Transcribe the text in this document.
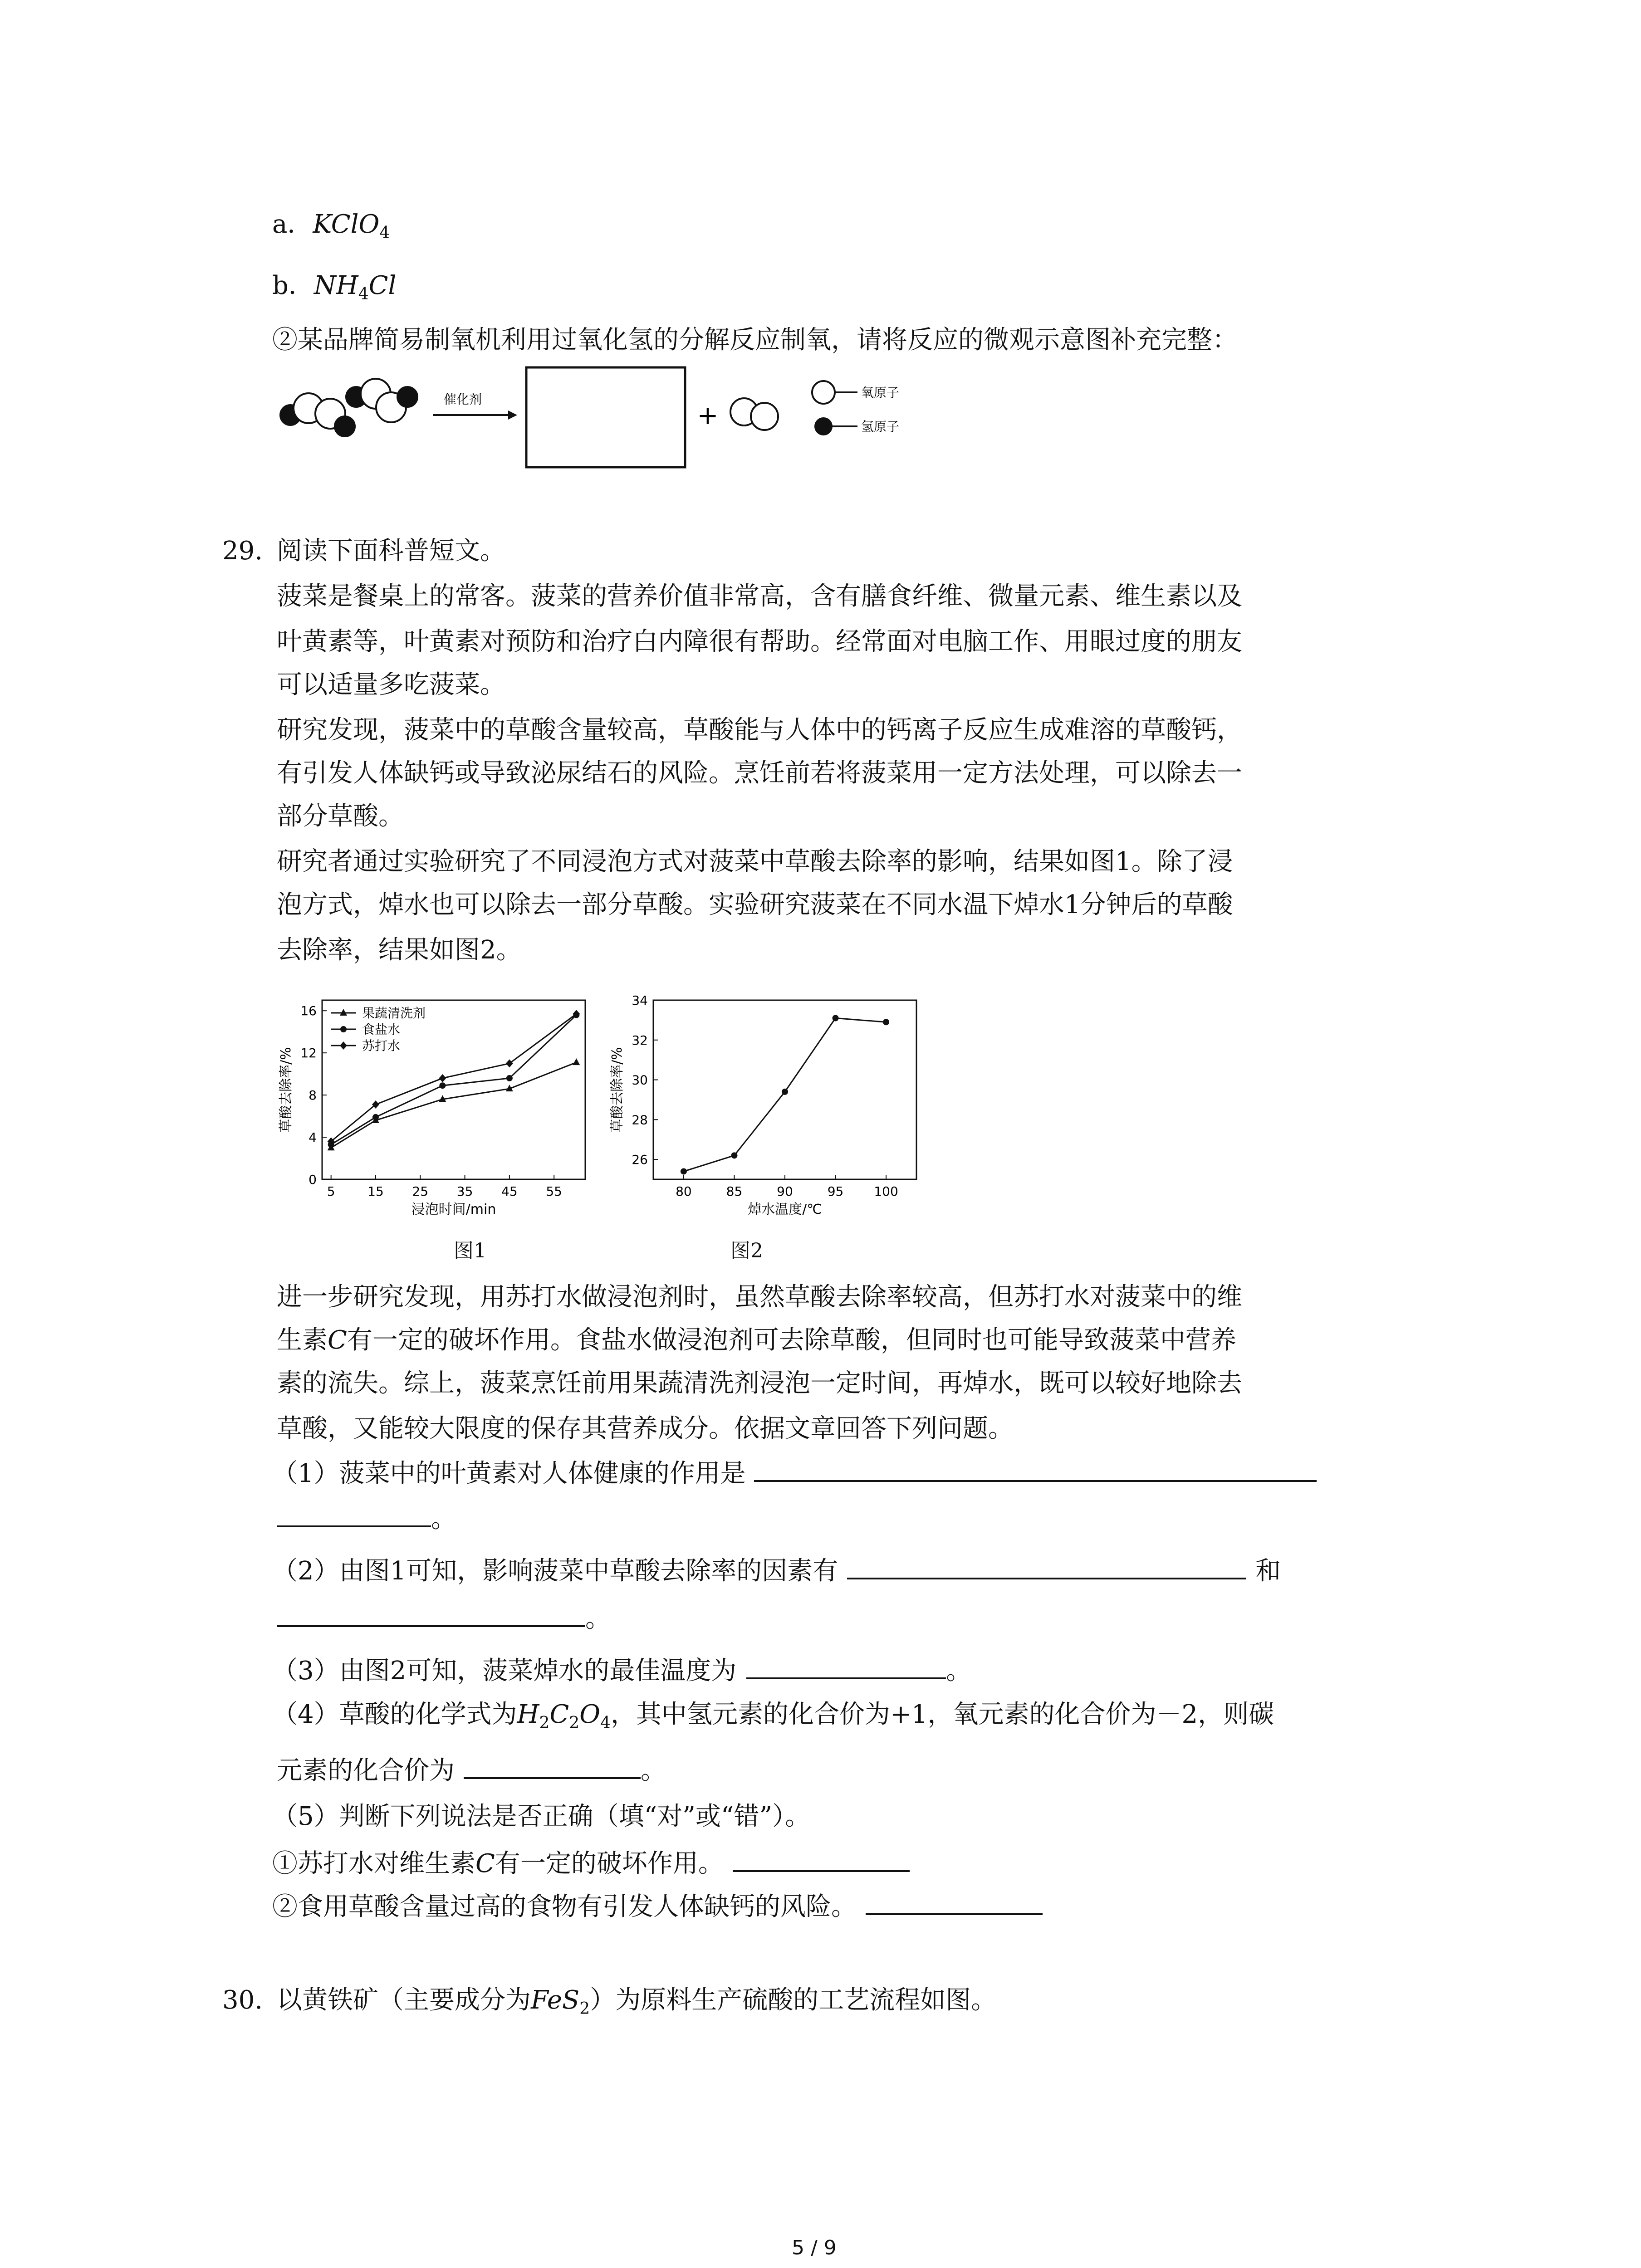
a．KClO$_4$
b．$NH_4Cl$
②某品牌简易制氧机利用过氧化氢的分解反应制氧，请将反应的微观示意图补充完整：
催化剂
+
氧原子
氢原子
29. 阅读下面科普短文。
菠菜是餐桌上的常客。菠菜的营养价值非常高，含有膳食纤维、微量元素、维生素以及
叶黄素等，叶黄素对预防和治疗白内障很有帮助。经常面对电脑工作、用眼过度的朋友
可以适量多吃菠菜。
研究发现，菠菜中的草酸含量较高，草酸能与人体中的钙离子反应生成难溶的草酸钙，
有引发人体缺钙或导致泌尿结石的风险。烹饪前若将菠菜用一定方法处理，可以除去一
部分草酸。
研究者通过实验研究了不同浸泡方式对菠菜中草酸去除率的影响，结果如图1。除了浸
泡方式，焯水也可以除去一部分草酸。实验研究菠菜在不同水温下焯水1分钟后的草酸
去除率，结果如图2。
5	15 25 35 45 55
0
4
8
12
16
浸泡时间/min
草酸去除率/%
果蔬清洗剂
食盐水
苏打水
80	85	90	95 100
26
28
30
32
34
焯水温度/℃
草酸去除率/%
图1	图2
进一步研究发现，用苏打水做浸泡剂时，虽然草酸去除率较高，但苏打水对菠菜中的维
生素C有一定的破坏作用。食盐水做浸泡剂可去除草酸，但同时也可能导致菠菜中营养
素的流失。综上，菠菜烹饪前用果蔬清洗剂浸泡一定时间，再焯水，既可以较好地除去
草酸，又能较大限度的保存其营养成分。依据文章回答下列问题。
（1）菠菜中的叶黄素对人体健康的作用是
。
（2）由图1可知，影响菠菜中草酸去除率的因素有	和
。
（3）由图2可知，菠菜焯水的最佳温度为	。
（4）草酸的化学式为$H_2C_2O_4$，其中氢元素的化合价为+1，氧元素的化合价为－2，则碳
元素的化合价为	。
（5）判断下列说法是否正确（填“对”或“错”）。
①苏打水对维生素C有一定的破坏作用。
②食用草酸含量过高的食物有引发人体缺钙的风险。
30. 以黄铁矿（主要成分为FeS$_2$）为原料生产硫酸的工艺流程如图。
5 / 9
